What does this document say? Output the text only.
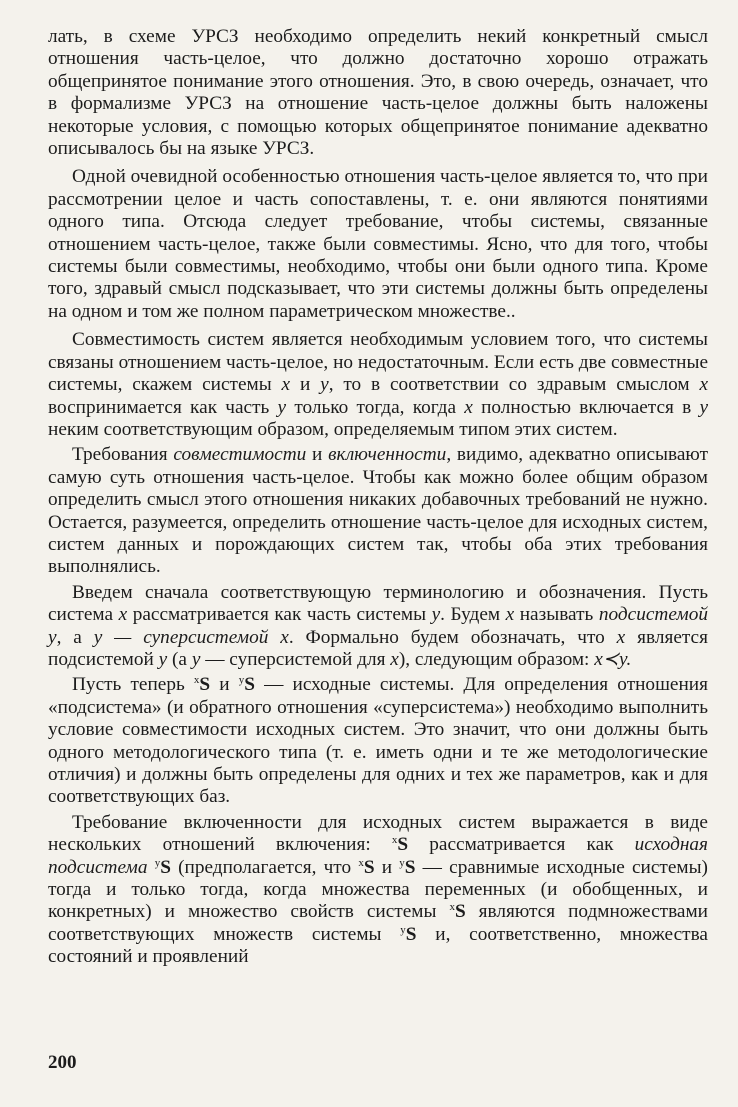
лать, в схеме УРСЗ необходимо определить некий конкретный смысл отношения часть-целое, что должно достаточно хорошо отражать общепринятое понимание этого отношения. Это, в свою очередь, означает, что в формализме УРСЗ на отношение часть-целое должны быть наложены некоторые условия, с помощью которых общепринятое понимание адекватно описывалось бы на языке УРСЗ.

Одной очевидной особенностью отношения часть-целое является то, что при рассмотрении целое и часть сопоставлены, т. е. они являются понятиями одного типа. Отсюда следует требование, чтобы системы, связанные отношением часть-целое, также были совместимы. Ясно, что для того, чтобы системы были совместимы, необходимо, чтобы они были одного типа. Кроме того, здравый смысл подсказывает, что эти системы должны быть определены на одном и том же полном параметрическом множестве..

Совместимость систем является необходимым условием того, что системы связаны отношением часть-целое, но недостаточным. Если есть две совместные системы, скажем системы x и y, то в соответствии со здравым смыслом x воспринимается как часть y только тогда, когда x полностью включается в y неким соответствующим образом, определяемым типом этих систем.

Требования совместимости и включенности, видимо, адекватно описывают самую суть отношения часть-целое. Чтобы как можно более общим образом определить смысл этого отношения никаких добавочных требований не нужно. Остается, разумеется, определить отношение часть-целое для исходных систем, систем данных и порождающих систем так, чтобы оба этих требования выполнялись.

Введем сначала соответствующую терминологию и обозначения. Пусть система x рассматривается как часть системы y. Будем x называть подсистемой y, а y — суперсистемой x. Формально будем обозначать, что x является подсистемой y (а y — суперсистемой для x), следующим образом: x≺y.

Пусть теперь $^x$S и $^y$S — исходные системы. Для определения отношения «подсистема» (и обратного отношения «суперсистема») необходимо выполнить условие совместимости исходных систем. Это значит, что они должны быть одного методологического типа (т. е. иметь одни и те же методологические отличия) и должны быть определены для одних и тех же параметров, как и для соответствующих баз.

Требование включенности для исходных систем выражается в виде нескольких отношений включения: $^x$S рассматривается как исходная подсистема $^y$S (предполагается, что $^x$S и $^y$S — сравнимые исходные системы) тогда и только тогда, когда множества переменных (и обобщенных, и конкретных) и множество свойств системы $^x$S являются подмножествами соответствующих множеств системы $^y$S и, соответственно, множества состояний и проявлений

200
